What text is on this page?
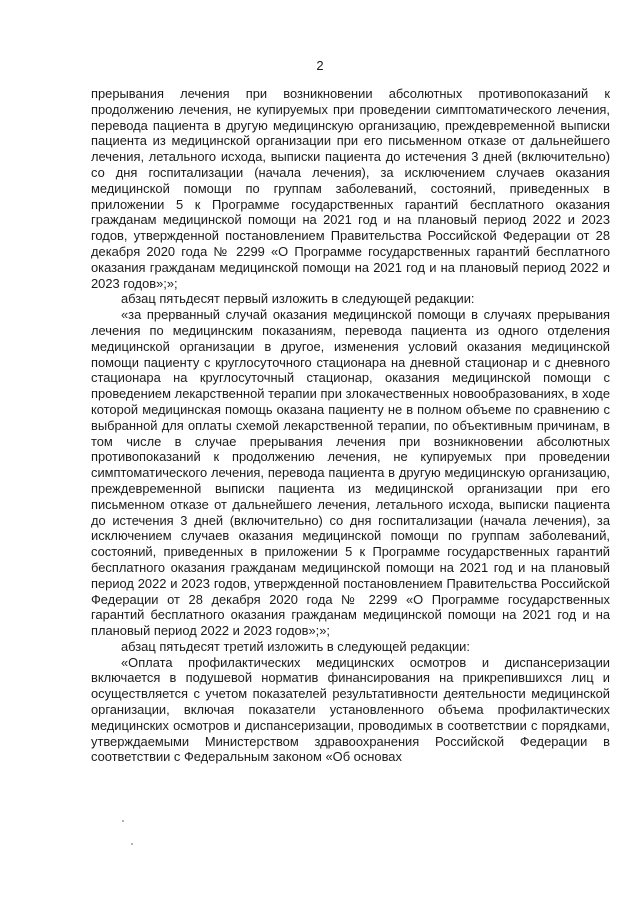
2

прерывания лечения при возникновении абсолютных противопоказаний к продолжению лечения, не купируемых при проведении симптоматического лечения, перевода пациента в другую медицинскую организацию, преждевременной выписки пациента из медицинской организации при его письменном отказе от дальнейшего лечения, летального исхода, выписки пациента до истечения 3 дней (включительно) со дня госпитализации (начала лечения), за исключением случаев оказания медицинской помощи по группам заболеваний, состояний, приведенных в приложении 5 к Программе государственных гарантий бесплатного оказания гражданам медицинской помощи на 2021 год и на плановый период 2022 и 2023 годов, утвержденной постановлением Правительства Российской Федерации от 28 декабря 2020 года № 2299 «О Программе государственных гарантий бесплатного оказания гражданам медицинской помощи на 2021 год и на плановый период 2022 и 2023 годов»;»;

абзац пятьдесят первый изложить в следующей редакции:

«за прерванный случай оказания медицинской помощи в случаях прерывания лечения по медицинским показаниям, перевода пациента из одного отделения медицинской организации в другое, изменения условий оказания медицинской помощи пациенту с круглосуточного стационара на дневной стационар и с дневного стационара на круглосуточный стационар, оказания медицинской помощи с проведением лекарственной терапии при злокачественных новообразованиях, в ходе которой медицинская помощь оказана пациенту не в полном объеме по сравнению с выбранной для оплаты схемой лекарственной терапии, по объективным причинам, в том числе в случае прерывания лечения при возникновении абсолютных противопоказаний к продолжению лечения, не купируемых при проведении симптоматического лечения, перевода пациента в другую медицинскую организацию, преждевременной выписки пациента из медицинской организации при его письменном отказе от дальнейшего лечения, летального исхода, выписки пациента до истечения 3 дней (включительно) со дня госпитализации (начала лечения), за исключением случаев оказания медицинской помощи по группам заболеваний, состояний, приведенных в приложении 5 к Программе государственных гарантий бесплатного оказания гражданам медицинской помощи на 2021 год и на плановый период 2022 и 2023 годов, утвержденной постановлением Правительства Российской Федерации от 28 декабря 2020 года № 2299 «О Программе государственных гарантий бесплатного оказания гражданам медицинской помощи на 2021 год и на плановый период 2022 и 2023 годов»;»;

абзац пятьдесят третий изложить в следующей редакции:

«Оплата профилактических медицинских осмотров и диспансеризации включается в подушевой норматив финансирования на прикрепившихся лиц и осуществляется с учетом показателей результативности деятельности медицинской организации, включая показатели установленного объема профилактических медицинских осмотров и диспансеризации, проводимых в соответствии с порядками, утверждаемыми Министерством здравоохранения Российской Федерации в соответствии с Федеральным законом «Об основах
